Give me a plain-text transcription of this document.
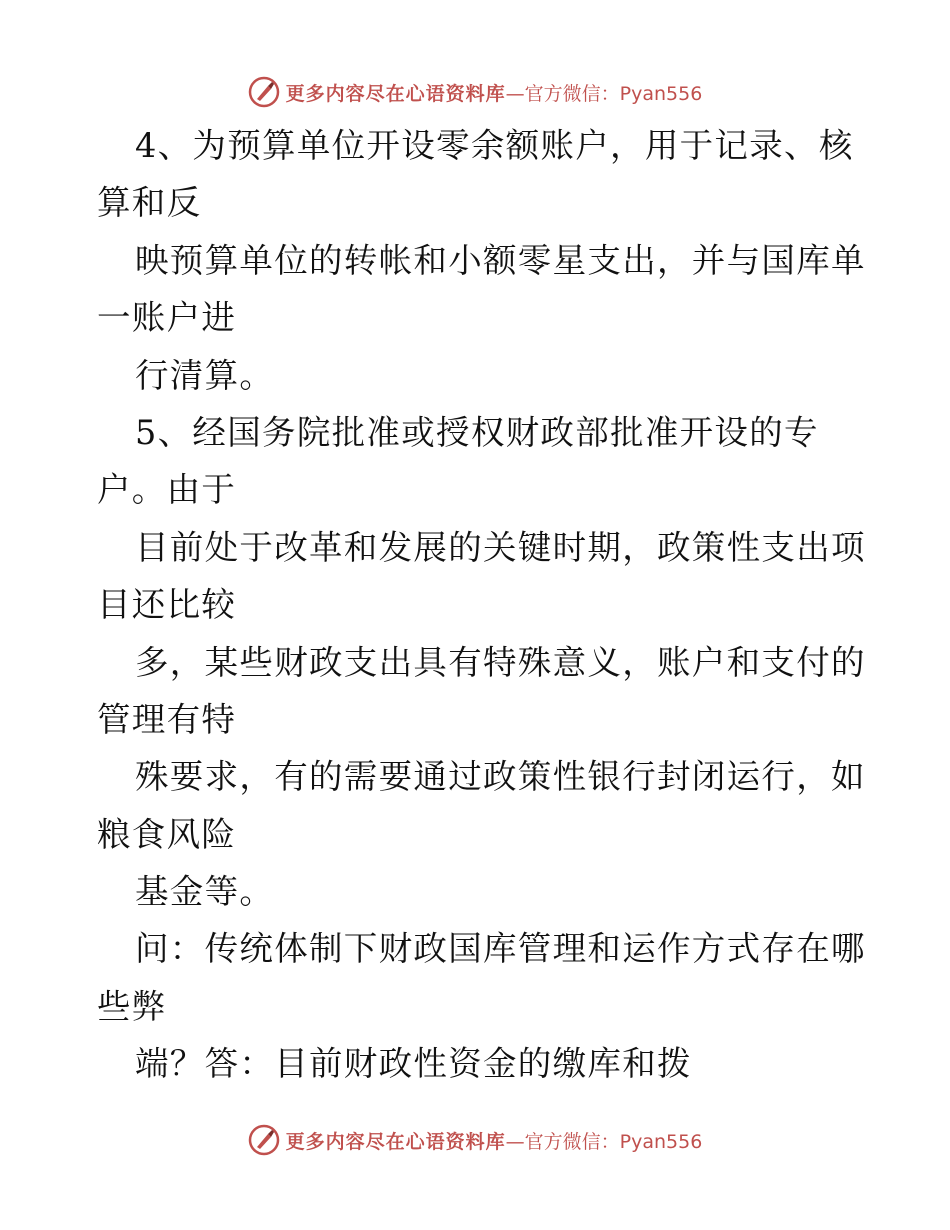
更多内容尽在心语资料库 —官方微信：Pyan556
4、为预算单位开设零余额账户，用于记录、核
算和反
映预算单位的转帐和小额零星支出，并与国库单
一账户进
行清算。
5、经国务院批准或授权财政部批准开设的专
户。由于
目前处于改革和发展的关键时期，政策性支出项
目还比较
多，某些财政支出具有特殊意义，账户和支付的
管理有特
殊要求，有的需要通过政策性银行封闭运行，如
粮食风险
基金等。
问：传统体制下财政国库管理和运作方式存在哪
些弊
端？答：目前财政性资金的缴库和拨
更多内容尽在心语资料库 —官方微信：Pyan556
